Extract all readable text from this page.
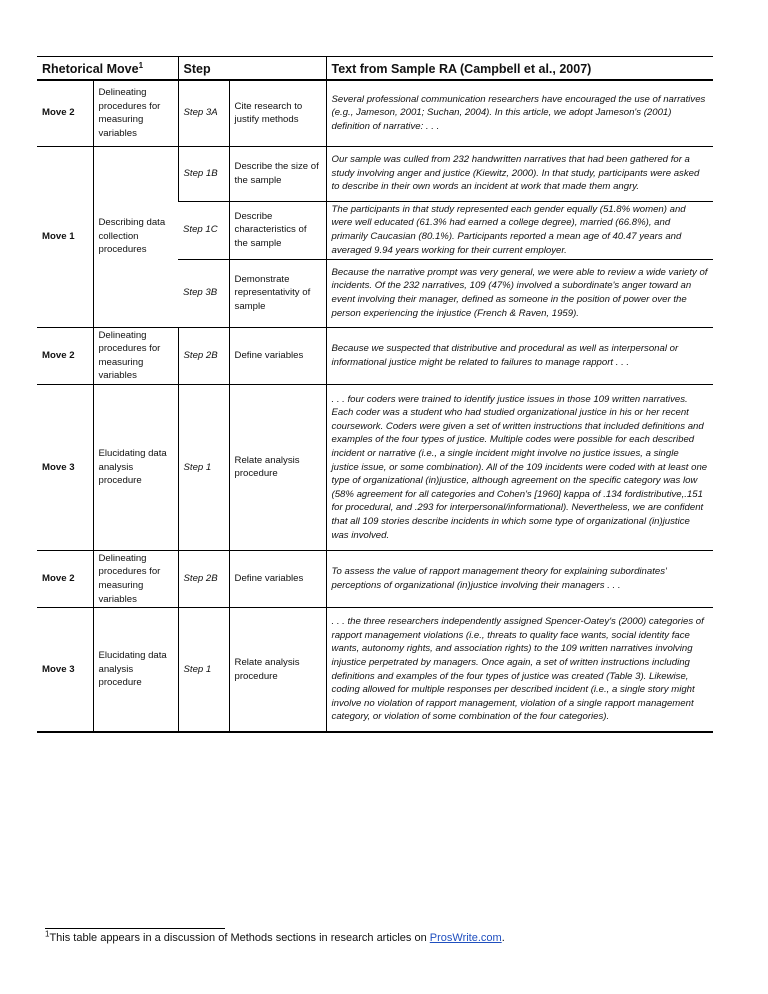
Rhetorical Move$^1$		Step		Text from Sample RA (Campbell et al., 2007)
Move 2	Delineating procedures for measuring variables	Step 3A	Cite research to justify methods	Several professional communication researchers have encouraged the use of narratives (e.g., Jameson, 2001; Suchan, 2004). In this article, we adopt Jameson's (2001) definition of narrative: . . .
Move 1	Describing data collection procedures	Step 1B	Describe the size of the sample	Our sample was culled from 232 handwritten narratives that had been gathered for a study involving anger and justice (Kiewitz, 2000). In that study, participants were asked to describe in their own words an incident at work that made them angry.
		Step 1C	Describe characteristics of the sample	The participants in that study represented each gender equally (51.8% women) and were well educated (61.3% had earned a college degree), married (66.8%), and primarily Caucasian (80.1%). Participants reported a mean age of 40.47 years and averaged 9.94 years working for their current employer.
		Step 3B	Demonstrate representativity of sample	Because the narrative prompt was very general, we were able to review a wide variety of incidents. Of the 232 narratives, 109 (47%) involved a subordinate's anger toward an event involving their manager, defined as someone in the position of power over the person experiencing the injustice (French & Raven, 1959).
Move 2	Delineating procedures for measuring variables	Step 2B	Define variables	Because we suspected that distributive and procedural as well as interpersonal or informational justice might be related to failures to manage rapport . . .
Move 3	Elucidating data analysis procedure	Step 1	Relate analysis procedure	. . . four coders were trained to identify justice issues in those 109 written narratives. Each coder was a student who had studied organizational justice in his or her recent coursework. Coders were given a set of written instructions that included definitions and examples of the four types of justice. Multiple codes were possible for each described incident or narrative (i.e., a single incident might involve no justice issues, a single justice issue, or some combination). All of the 109 incidents were coded with at least one type of organizational (in)justice, although agreement on the specific category was low (58% agreement for all categories and Cohen's [1960] kappa of .134 fordistributive,.151 for procedural, and .293 for interpersonal/informational). Nevertheless, we are confident that all 109 stories describe incidents in which some type of organizational (in)justice was involved.
Move 2	Delineating procedures for measuring variables	Step 2B	Define variables	To assess the value of rapport management theory for explaining subordinates' perceptions of organizational (in)justice involving their managers . . .
Move 3	Elucidating data analysis procedure	Step 1	Relate analysis procedure	. . . the three researchers independently assigned Spencer-Oatey's (2000) categories of rapport management violations (i.e., threats to quality face wants, social identity face wants, autonomy rights, and association rights) to the 109 written narratives involving injustice perpetrated by managers. Once again, a set of written instructions including definitions and examples of the four types of justice was created (Table 3). Likewise, coding allowed for multiple responses per described incident (i.e., a single story might involve no violation of rapport management, violation of a single rapport management category, or violation of some combination of the four categories).
$^1$This table appears in a discussion of Methods sections in research articles on ProsWrite.com.
